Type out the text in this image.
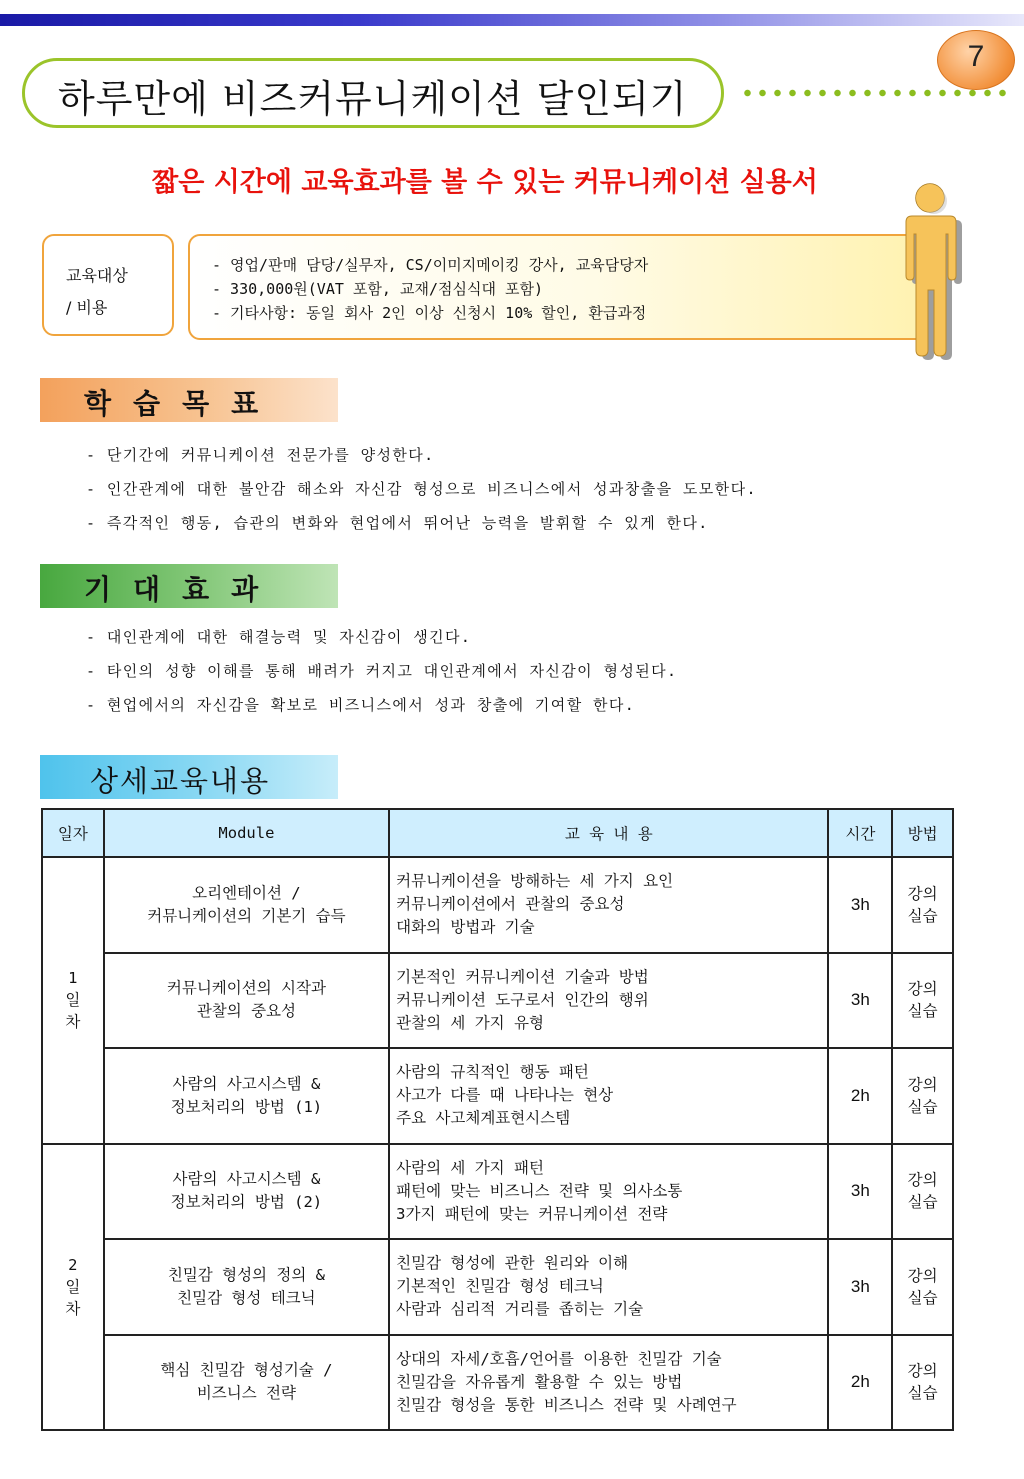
하루만에 비즈커뮤니케이션 달인되기
7
짧은 시간에 교육효과를 볼 수 있는 커뮤니케이션 실용서
교육대상
/ 비용
- 영업/판매 담당/실무자, CS/이미지메이킹 강사, 교육담당자
- 330,000원(VAT 포함, 교재/점심식대 포함)
- 기타사항: 동일 회사 2인 이상 신청시 10% 할인, 환급과정
학습목표
- 단기간에 커뮤니케이션 전문가를 양성한다.
- 인간관계에 대한 불안감 해소와 자신감 형성으로 비즈니스에서 성과창출을 도모한다.
- 즉각적인 행동, 습관의 변화와 현업에서 뛰어난 능력을 발휘할 수 있게 한다.
기대효과
- 대인관계에 대한 해결능력 및 자신감이 생긴다.
- 타인의 성향 이해를 통해 배려가 커지고 대인관계에서 자신감이 형성된다.
- 현업에서의 자신감을 확보로 비즈니스에서 성과 창출에 기여할 한다.
상세교육내용
일자	Module	교 육 내 용	시간	방법

1
일
차	오리엔테이션 /
커뮤니케이션의 기본기 습득	커뮤니케이션을 방해하는 세 가지 요인
커뮤니케이션에서 관찰의 중요성
대화의 방법과 기술	3h	강의
실습

	커뮤니케이션의 시작과
관찰의 중요성	기본적인 커뮤니케이션 기술과 방법
커뮤니케이션 도구로서 인간의 행위
관찰의 세 가지 유형	3h	강의
실습

	사람의 사고시스템 &
정보처리의 방법 (1)	사람의 규칙적인 행동 패턴
사고가 다를 때 나타나는 현상
주요 사고체계표현시스템	2h	강의
실습

2
일
차	사람의 사고시스템 &
정보처리의 방법 (2)	사람의 세 가지 패턴
패턴에 맞는 비즈니스 전략 및 의사소통
3가지 패턴에 맞는 커뮤니케이션 전략	3h	강의
실습

	친밀감 형성의 정의 &
친밀감 형성 테크닉	친밀감 형성에 관한 원리와 이해
기본적인 친밀감 형성 테크닉
사람과 심리적 거리를 좁히는 기술	3h	강의
실습

	핵심 친밀감 형성기술 /
비즈니스 전략	상대의 자세/호흡/언어를 이용한 친밀감 기술
친밀감을 자유롭게 활용할 수 있는 방법
친밀감 형성을 통한 비즈니스 전략 및 사례연구	2h	강의
실습
